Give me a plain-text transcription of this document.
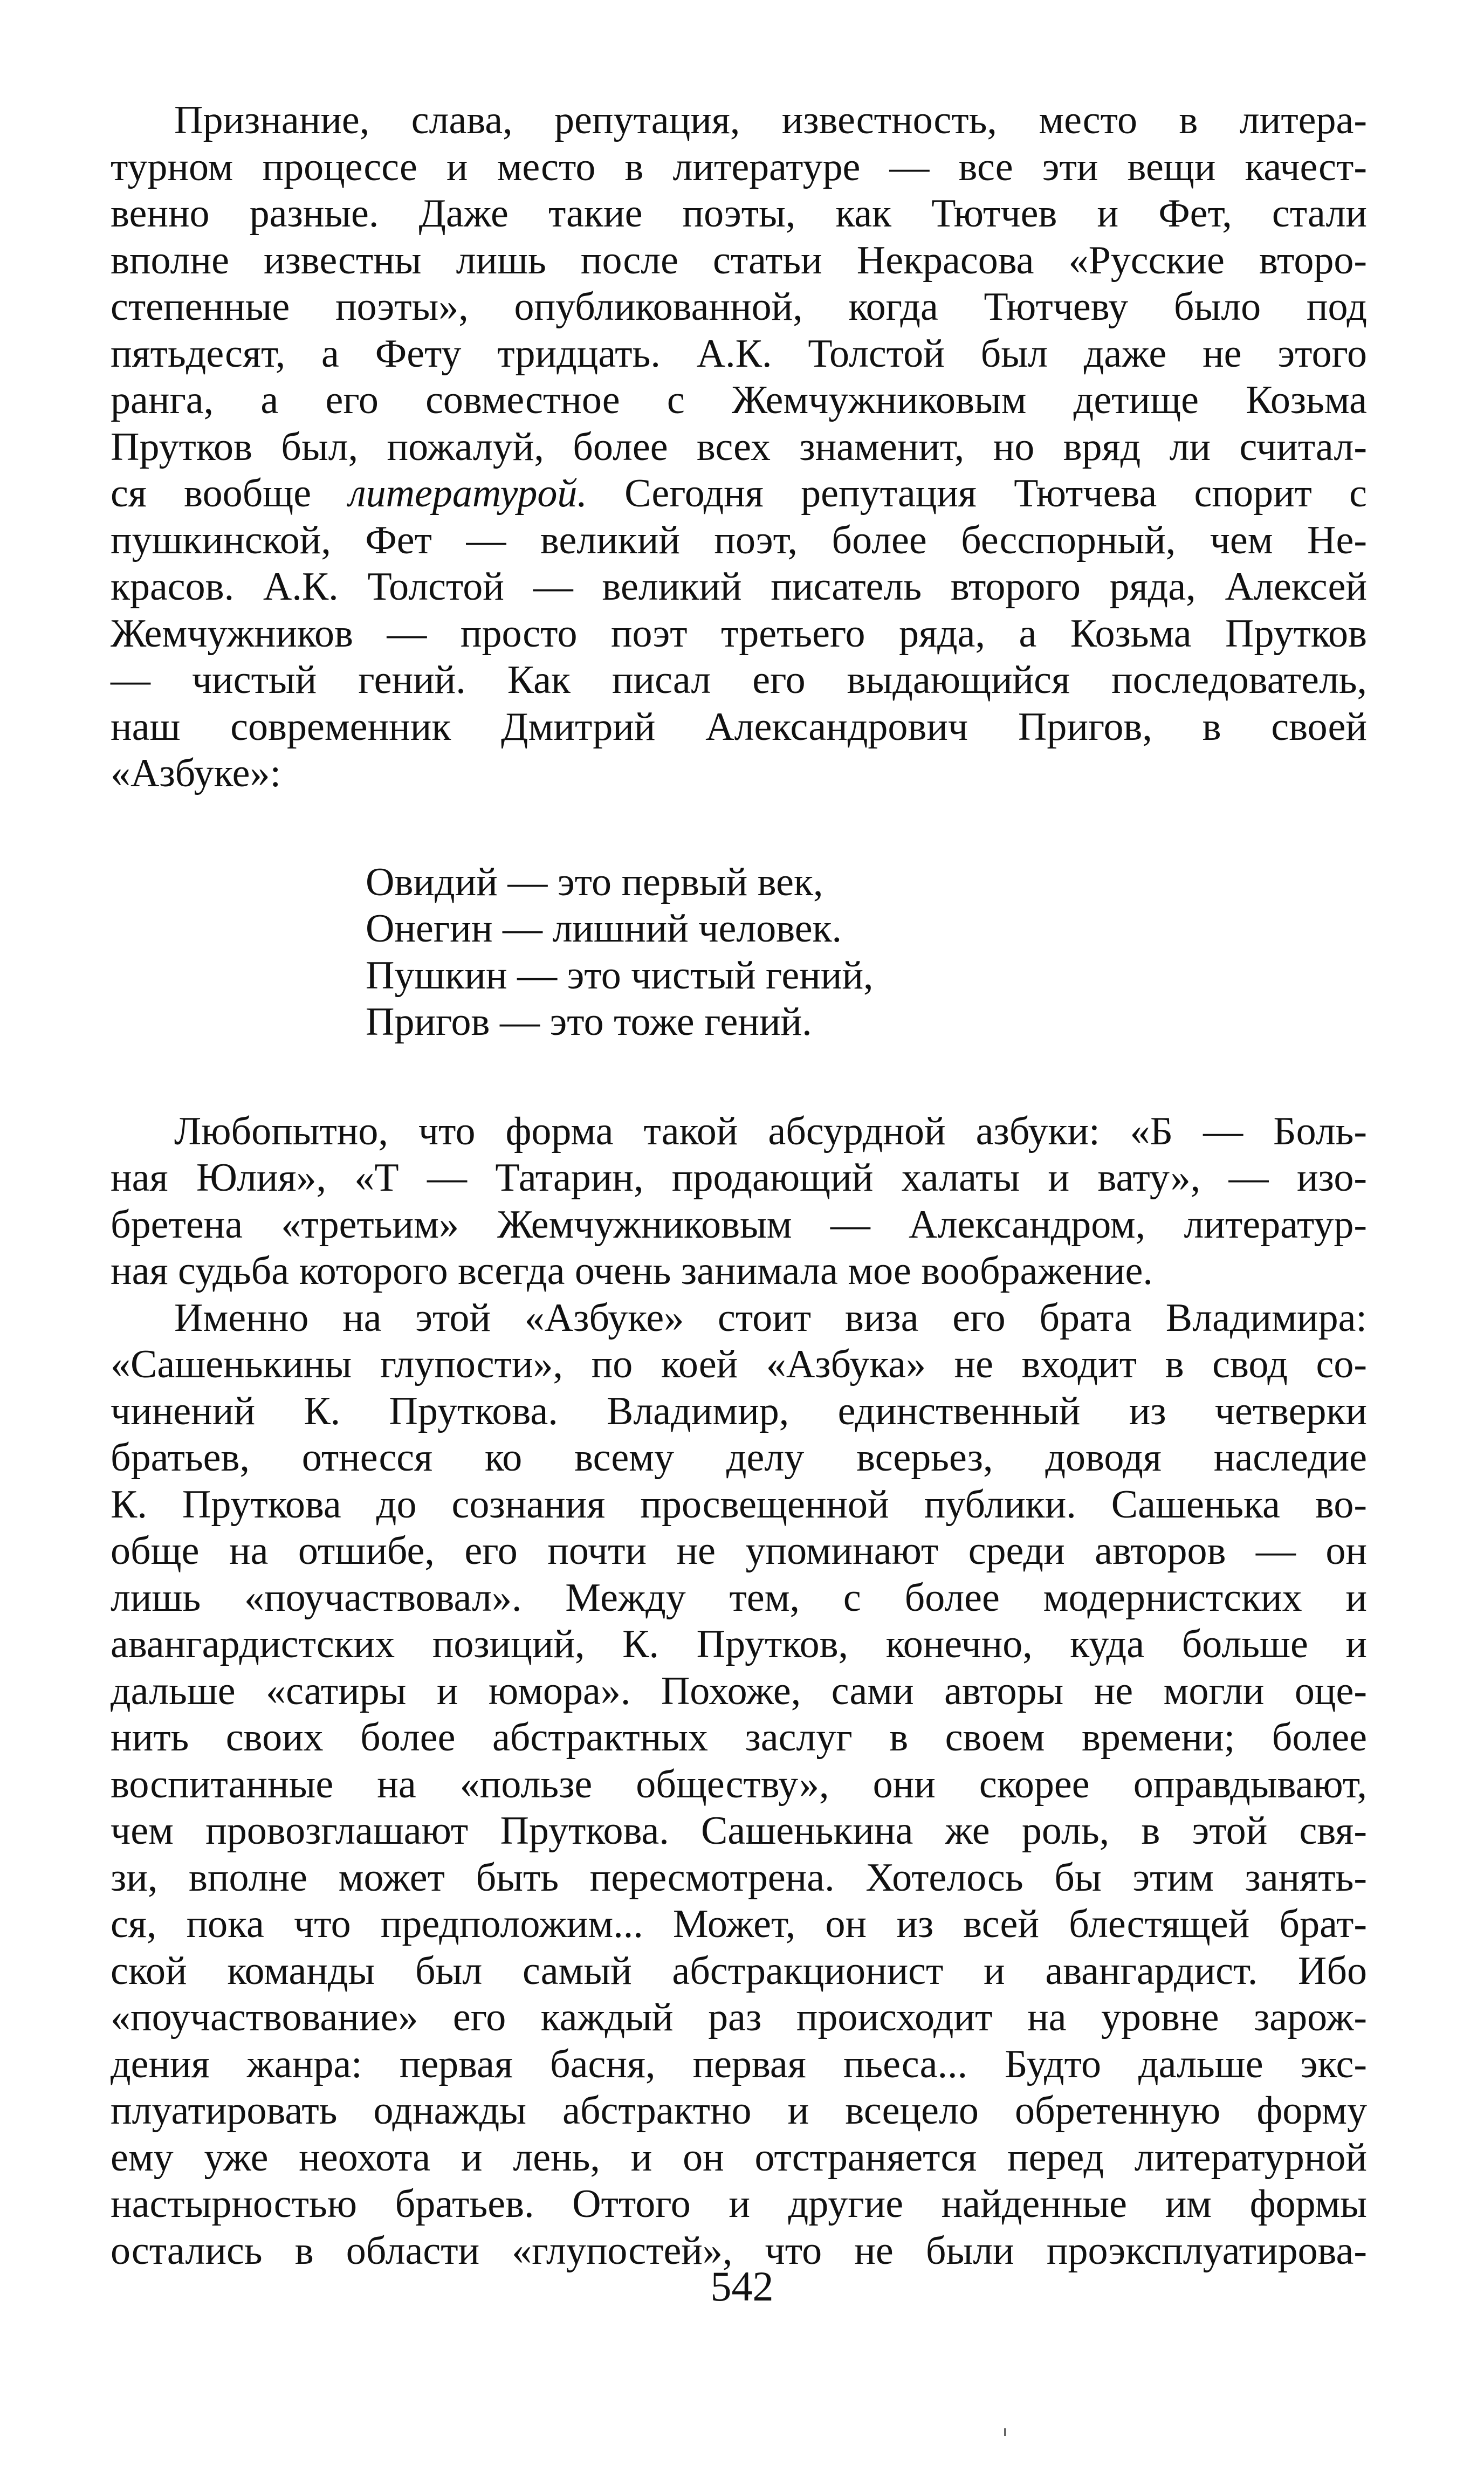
Признание, слава, репутация, известность, место в литера-
турном процессе и место в литературе — все эти вещи качест-
венно разные. Даже такие поэты, как Тютчев и Фет, стали
вполне известны лишь после статьи Некрасова «Русские второ-
степенные поэты», опубликованной, когда Тютчеву было под
пятьдесят, а Фету тридцать. А.К. Толстой был даже не этого
ранга, а его совместное с Жемчужниковым детище Козьма
Прутков был, пожалуй, более всех знаменит, но вряд ли считал-
ся вообще литературой. Сегодня репутация Тютчева спорит с
пушкинской, Фет — великий поэт, более бесспорный, чем Не-
красов. А.К. Толстой — великий писатель второго ряда, Алексей
Жемчужников — просто поэт третьего ряда, а Козьма Прутков
— чистый гений. Как писал его выдающийся последователь,
наш современник Дмитрий Александрович Пригов, в своей
«Азбуке»:
Овидий — это первый век,
Онегин — лишний человек.
Пушкин — это чистый гений,
Пригов — это тоже гений.
Любопытно, что форма такой абсурдной азбуки: «Б — Боль-
ная Юлия», «Т — Татарин, продающий халаты и вату», — изо-
бретена «третьим» Жемчужниковым — Александром, литератур-
ная судьба которого всегда очень занимала мое воображение.
Именно на этой «Азбуке» стоит виза его брата Владимира:
«Сашенькины глупости», по коей «Азбука» не входит в свод со-
чинений К. Пруткова. Владимир, единственный из четверки
братьев, отнесся ко всему делу всерьез, доводя наследие
К. Пруткова до сознания просвещенной публики. Сашенька во-
обще на отшибе, его почти не упоминают среди авторов — он
лишь «поучаствовал». Между тем, с более модернистских и
авангардистских позиций, К. Прутков, конечно, куда больше и
дальше «сатиры и юмора». Похоже, сами авторы не могли оце-
нить своих более абстрактных заслуг в своем времени; более
воспитанные на «пользе обществу», они скорее оправдывают,
чем провозглашают Пруткова. Сашенькина же роль, в этой свя-
зи, вполне может быть пересмотрена. Хотелось бы этим занять-
ся, пока что предположим... Может, он из всей блестящей брат-
ской команды был самый абстракционист и авангардист. Ибо
«поучаствование» его каждый раз происходит на уровне зарож-
дения жанра: первая басня, первая пьеса... Будто дальше экс-
плуатировать однажды абстрактно и всецело обретенную форму
ему уже неохота и лень, и он отстраняется перед литературной
настырностью братьев. Оттого и другие найденные им формы
остались в области «глупостей», что не были проэксплуатирова-
542
